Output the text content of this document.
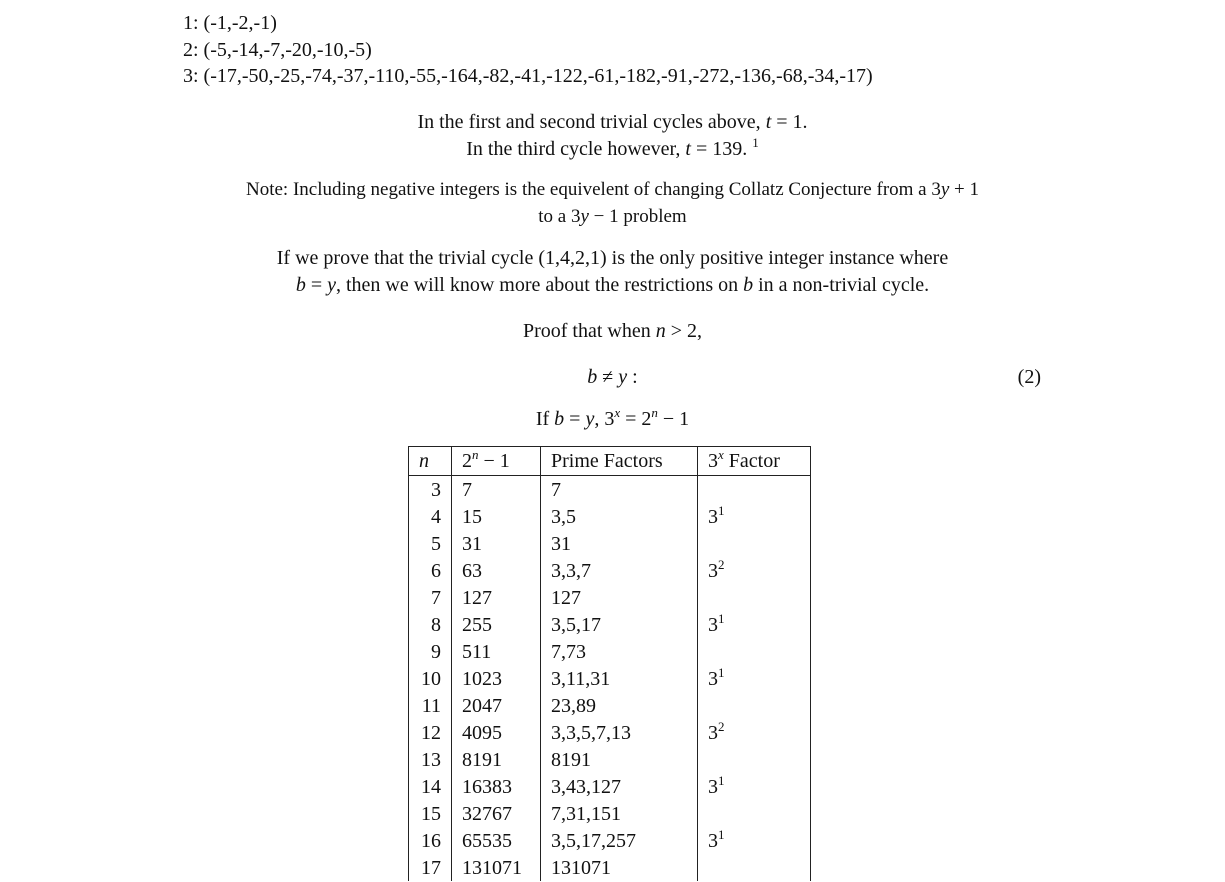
1: (-1,-2,-1)
2: (-5,-14,-7,-20,-10,-5)
3: (-17,-50,-25,-74,-37,-110,-55,-164,-82,-41,-122,-61,-182,-91,-272,-136,-68,-34,-17)
In the first and second trivial cycles above, t = 1.
In the third cycle however, t = 139. $^1$
Note: Including negative integers is the equivelent of changing Collatz Conjecture from a 3y + 1
to a 3y − 1 problem
If we prove that the trivial cycle (1,4,2,1) is the only positive integer instance where
b = y, then we will know more about the restrictions on b in a non-trivial cycle.
Proof that when n > 2,
b ≠ y :	(2)
If b = y, $3^x = 2^n - 1$
n	$2^n - 1$	Prime Factors	3$^x$ Factor
3	7	7	
4	15	3,5	$3^1$
5	31	31	
6	63	3,3,7	$3^2$
7	127	127	
8	255	3,5,17	$3^1$
9	511	7,73	
10	1023	3,11,31	$3^1$
11	2047	23,89	
12	4095	3,3,5,7,13	$3^2$
13	8191	8191	
14	16383	3,43,127	$3^1$
15	32767	7,31,151	
16	65535	3,5,17,257	$3^1$
17	131071	131071	
